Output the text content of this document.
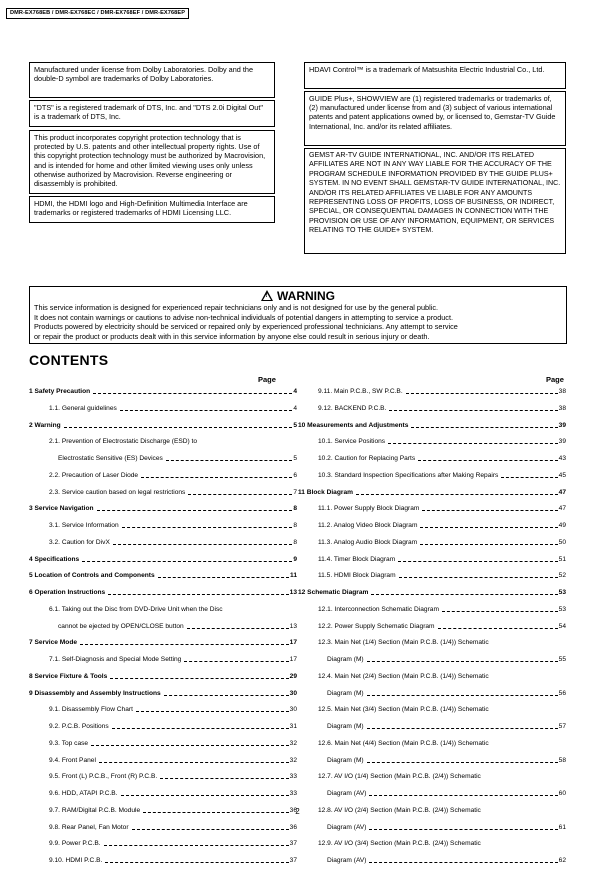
DMR-EX768EB / DMR-EX768EC / DMR-EX768EF / DMR-EX768EP
Manufactured under license from Dolby Laboratories. Dolby and the double-D symbol are trademarks of Dolby Laboratories.
"DTS" is a registered trademark of DTS, Inc. and "DTS 2.0i Digital Out" is a trademark of DTS, Inc.
This product incorporates copyright protection technology that is protected by U.S. patents and other intellectual property rights. Use of this copyright protection technology must be authorized by Macrovision, and is intended for home and other limited viewing uses only unless otherwise authorized by Macrovision. Reverse engineering or disassembly is prohibited.
HDMI, the HDMI logo and High-Definition Multimedia Interface are trademarks or registered trademarks of HDMI Licensing LLC.
HDAVI Control™ is a trademark of Matsushita Electric Industrial Co., Ltd.
GUIDE Plus+, SHOWVIEW are (1) registered trademarks or trademarks of, (2) manufactured under license from and (3) subject of various international patents and patent applications owned by, or licensed to, Gemstar-TV Guide International, Inc. and/or its related affiliates.
GEMST AR-TV GUIDE INTERNATIONAL, INC. AND/OR ITS RELATED AFFILIATES ARE NOT IN ANY WAY LIABLE FOR THE ACCURACY OF THE PROGRAM SCHEDULE INFORMATION PROVIDED BY THE GUIDE PLUS+ SYSTEM. IN NO EVENT SHALL GEMSTAR-TV GUIDE INTERNATIONAL, INC. AND/OR ITS RELATED AFFILIATES VE LIABLE FOR ANY AMOUNTS REPRESENTING LOSS OF PROFITS, LOSS OF BUSINESS, OR INDIRECT, SPECIAL, OR CONSEQUENTIAL DAMAGES IN CONNECTION WITH THE PROVISION OR USE OF ANY INFORMATION, EQUIPMENT, OR SERVICES RELATING TO THE GUIDE+ SYSTEM.
!WARNING
This service information is designed for experienced repair technicians only and is not designed for use by the general public.
It does not contain warnings or cautions to advise non-technical individuals of potential dangers in attempting to service a product.
Products powered by electricity should be serviced or repaired only by experienced professional technicians. Any attempt to service
or repair the product or products dealt with in this service information by anyone else could result in serious injury or death.
CONTENTS
Page	Page
1 Safety Precaution	4
1.1. General guidelines	4
2 Warning	5
2.1. Prevention of Electrostatic Discharge (ESD) to
Electrostatic Sensitive (ES) Devices	5
2.2. Precaution of Laser Diode	6
2.3. Service caution based on legal restrictions	7
3 Service Navigation	8
3.1. Service Information	8
3.2. Caution for DivX	8
4 Specifications	9
5 Location of Controls and Components	11
6 Operation Instructions	13
6.1. Taking out the Disc from DVD-Drive Unit when the Disc
cannot be ejected by OPEN/CLOSE button	13
7 Service Mode	17
7.1. Self-Diagnosis and Special Mode Setting	17
8 Service Fixture & Tools	29
9 Disassembly and Assembly Instructions	30
9.1. Disassembly Flow Chart	30
9.2. P.C.B. Positions	31
9.3. Top case	32
9.4. Front Panel	32
9.5. Front (L) P.C.B., Front (R) P.C.B.	33
9.6. HDD, ATAPI P.C.B.	33
9.7. RAM/Digital P.C.B. Module	36
9.8. Rear Panel, Fan Motor	36
9.9. Power P.C.B.	37
9.10. HDMI P.C.B.	37
9.11. Main P.C.B., SW P.C.B.	38
9.12. BACKEND P.C.B.	38
10 Measurements and Adjustments	39
10.1. Service Positions	39
10.2. Caution for Replacing Parts	43
10.3. Standard Inspection Specifications after Making Repairs	45
11 Block Diagram	47
11.1. Power Supply Block Diagram	47
11.2. Analog Video Block Diagram	49
11.3. Analog Audio Block Diagram	50
11.4. Timer Block Diagram	51
11.5. HDMI Block Diagram	52
12 Schematic Diagram	53
12.1. Interconnection Schematic Diagram	53
12.2. Power Supply Schematic Diagram	54
12.3. Main Net (1/4) Section (Main P.C.B. (1/4)) Schematic
Diagram (M)	55
12.4. Main Net (2/4) Section (Main P.C.B. (1/4)) Schematic
Diagram (M)	56
12.5. Main Net (3/4) Section (Main P.C.B. (1/4)) Schematic
Diagram (M)	57
12.6. Main Net (4/4) Section (Main P.C.B. (1/4)) Schematic
Diagram (M)	58
12.7. AV I/O (1/4) Section (Main P.C.B. (2/4)) Schematic
Diagram (AV)	60
12.8. AV I/O (2/4) Section (Main P.C.B. (2/4)) Schematic
Diagram (AV)	61
12.9. AV I/O (3/4) Section (Main P.C.B. (2/4)) Schematic
Diagram (AV)	62
2
